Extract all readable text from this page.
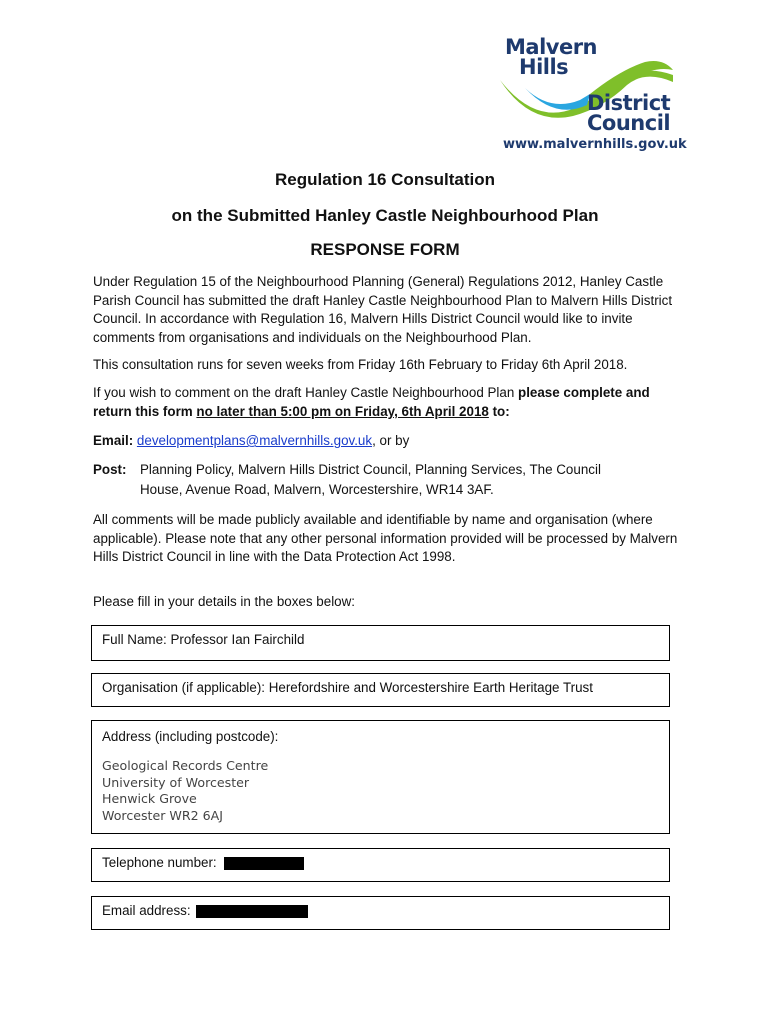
Malvern
Hills
District
Council
www.malvernhills.gov.uk
Regulation 16 Consultation
on the Submitted Hanley Castle Neighbourhood Plan
RESPONSE FORM
Under Regulation 15 of the Neighbourhood Planning (General) Regulations 2012, Hanley Castle Parish Council has submitted the draft Hanley Castle Neighbourhood Plan to Malvern Hills District Council. In accordance with Regulation 16, Malvern Hills District Council would like to invite comments from organisations and individuals on the Neighbourhood Plan.
This consultation runs for seven weeks from Friday 16th February to Friday 6th April 2018.
If you wish to comment on the draft Hanley Castle Neighbourhood Plan please complete and return this form no later than 5:00 pm on Friday, 6th April 2018 to:
Email: developmentplans@malvernhills.gov.uk, or by
Post: Planning Policy, Malvern Hills District Council, Planning Services, The Council
House, Avenue Road, Malvern, Worcestershire, WR14 3AF.
All comments will be made publicly available and identifiable by name and organisation (where applicable). Please note that any other personal information provided will be processed by Malvern Hills District Council in line with the Data Protection Act 1998.
Please fill in your details in the boxes below:
Full Name: Professor Ian Fairchild
Organisation (if applicable): Herefordshire and Worcestershire Earth Heritage Trust
Address (including postcode):
Geological Records Centre
University of Worcester
Henwick Grove
Worcester WR2 6AJ
Telephone number:
Email address:
